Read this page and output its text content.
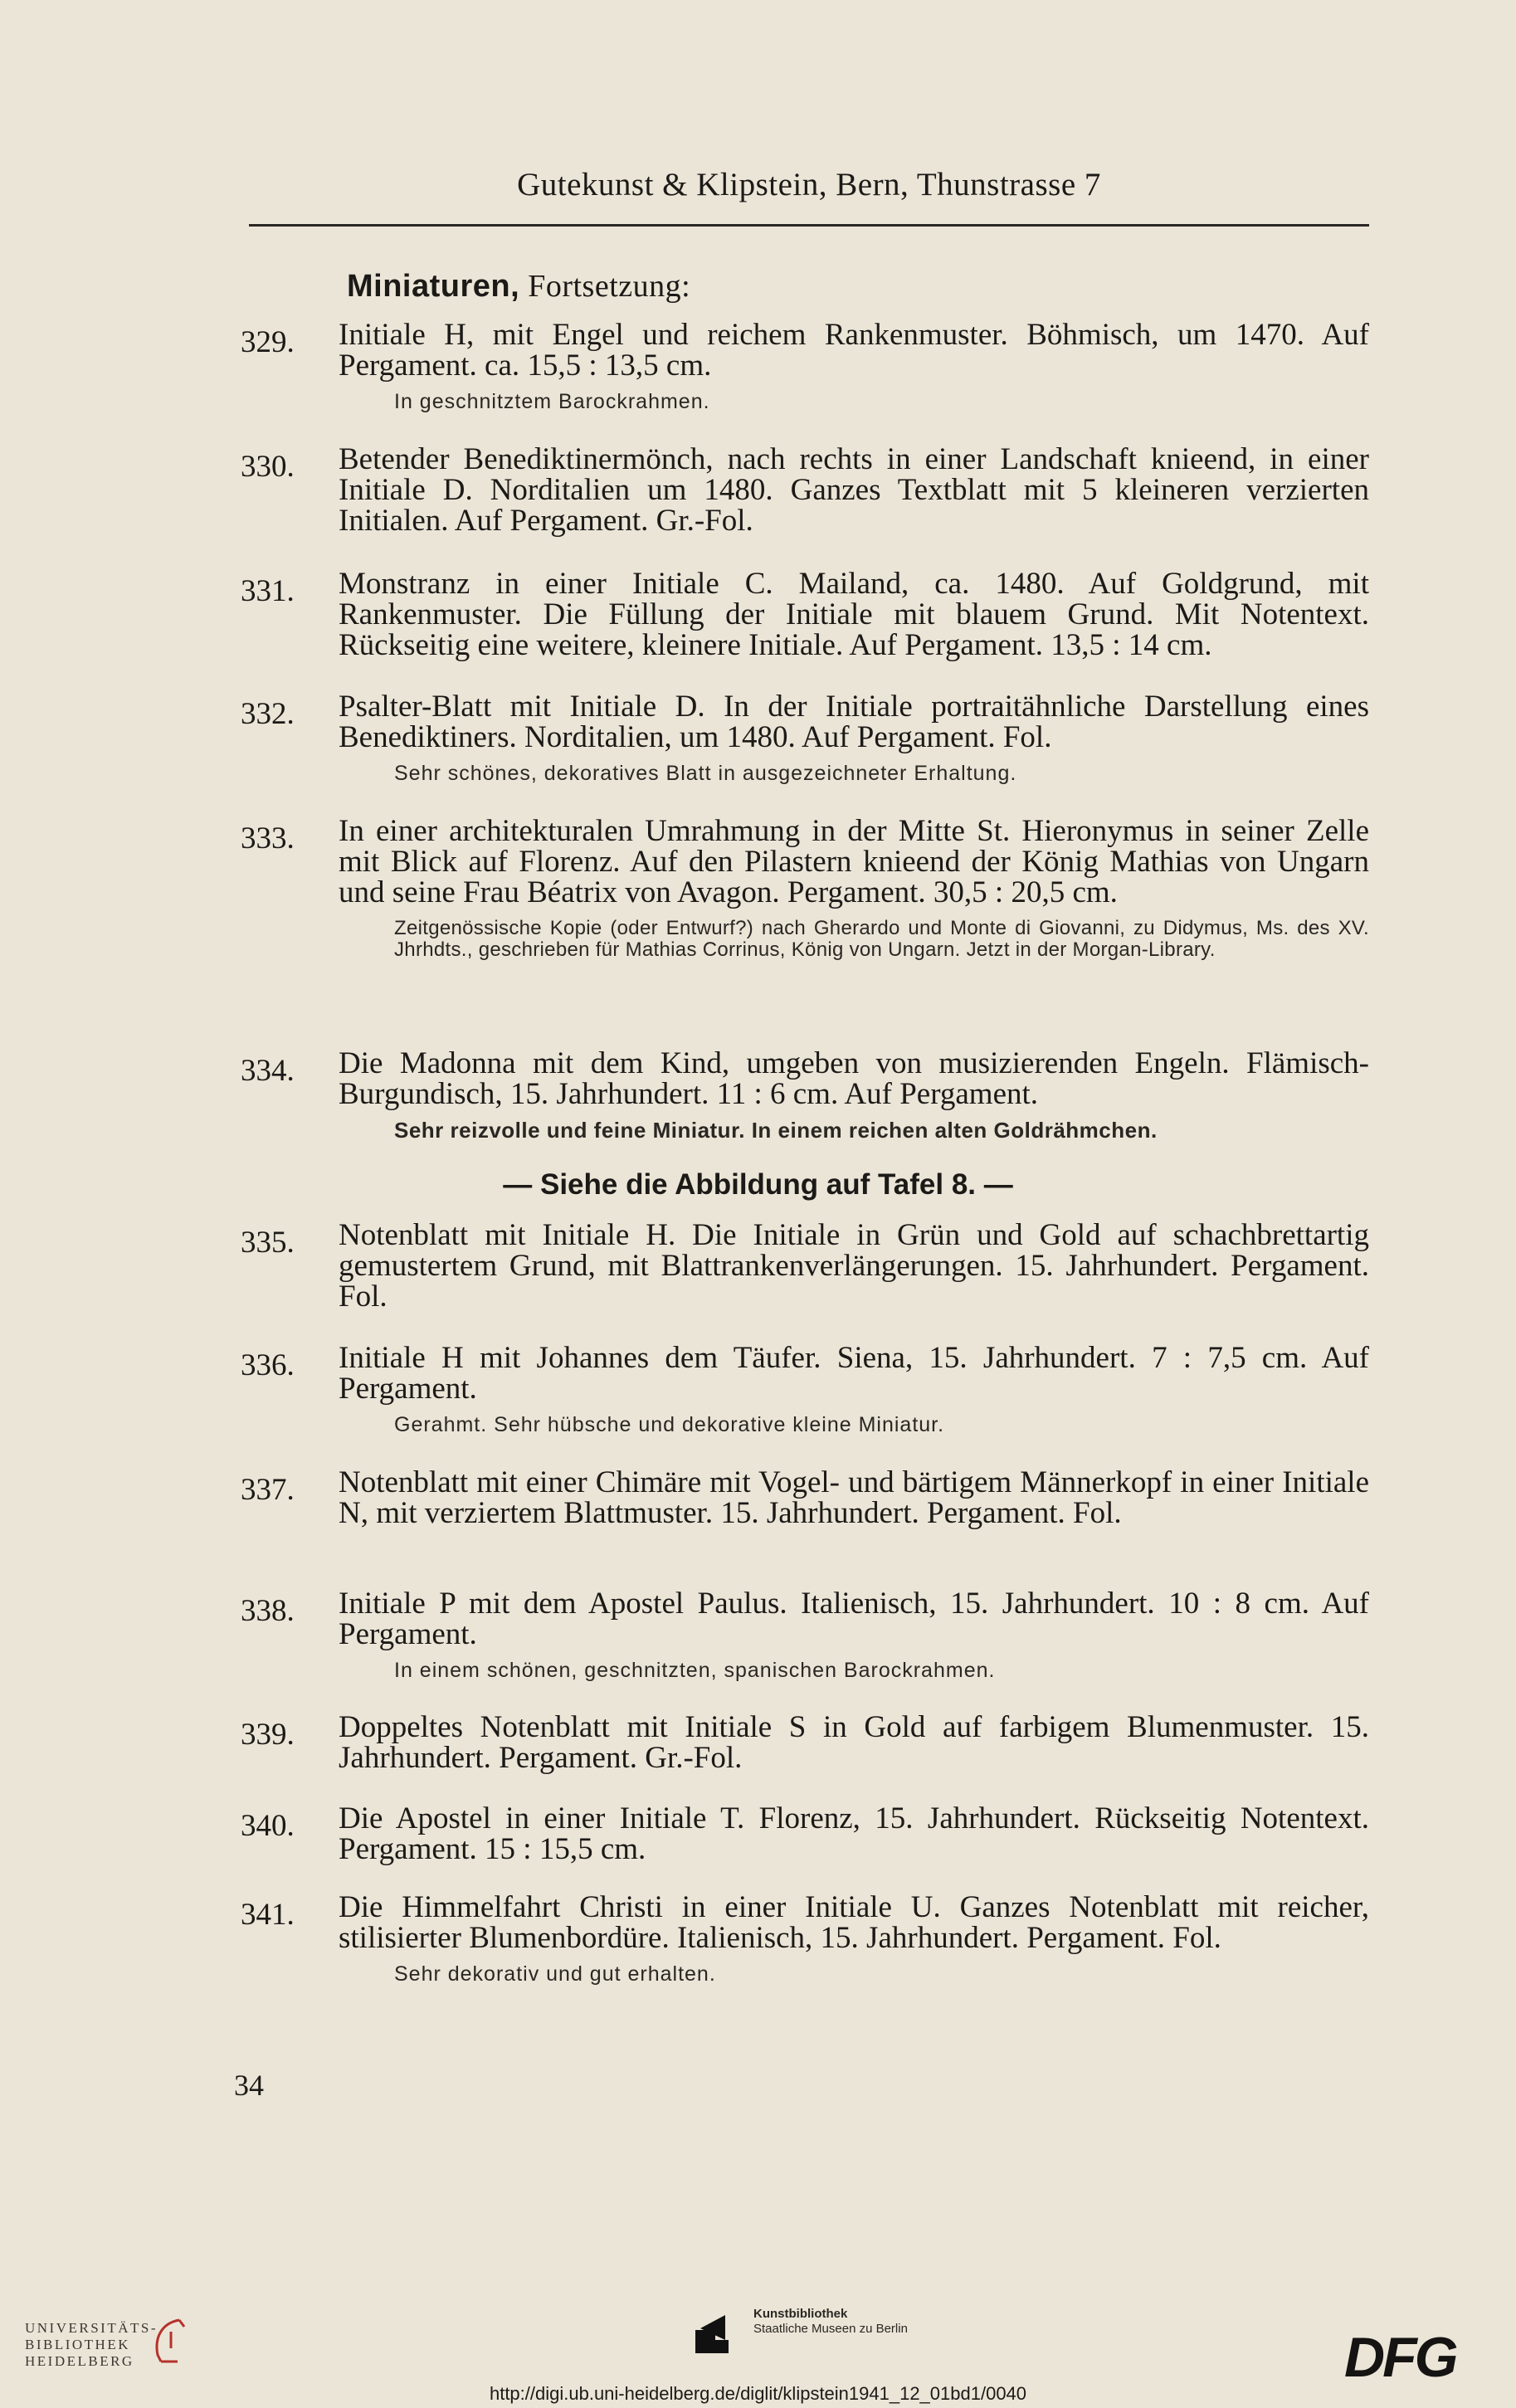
Gutekunst & Klipstein, Bern, Thunstrasse 7
Miniaturen, Fortsetzung:
329.	Initiale H, mit Engel und reichem Rankenmuster. Böhmisch, um 1470. Auf Pergament. ca. 15,5 : 13,5 cm.
In geschnitztem Barockrahmen.
330.	Betender Benediktinermönch, nach rechts in einer Landschaft knieend, in einer Initiale D. Norditalien um 1480. Ganzes Textblatt mit 5 kleineren verzierten Initialen. Auf Pergament. Gr.-Fol.
331.	Monstranz in einer Initiale C. Mailand, ca. 1480. Auf Goldgrund, mit Rankenmuster. Die Füllung der Initiale mit blauem Grund. Mit Notentext. Rückseitig eine weitere, kleinere Initiale. Auf Pergament. 13,5 : 14 cm.
332.	Psalter-Blatt mit Initiale D. In der Initiale portraitähnliche Darstellung eines Benediktiners. Norditalien, um 1480. Auf Pergament. Fol.
Sehr schönes, dekoratives Blatt in ausgezeichneter Erhaltung.
333.	In einer architekturalen Umrahmung in der Mitte St. Hieronymus in seiner Zelle mit Blick auf Florenz. Auf den Pilastern knieend der König Mathias von Ungarn und seine Frau Béatrix von Avagon. Pergament. 30,5 : 20,5 cm.
Zeitgenössische Kopie (oder Entwurf?) nach Gherardo und Monte di Giovanni, zu Didymus, Ms. des XV. Jhrhdts., geschrieben für Mathias Corrinus, König von Ungarn. Jetzt in der Morgan-Library.
334.	Die Madonna mit dem Kind, umgeben von musizierenden Engeln. Flämisch-Burgundisch, 15. Jahrhundert. 11 : 6 cm. Auf Pergament.
Sehr reizvolle und feine Miniatur. In einem reichen alten Goldrähmchen.
— Siehe die Abbildung auf Tafel 8. —
335.	Notenblatt mit Initiale H. Die Initiale in Grün und Gold auf schachbrettartig gemustertem Grund, mit Blattrankenverlängerungen. 15. Jahrhundert. Pergament. Fol.
336.	Initiale H mit Johannes dem Täufer. Siena, 15. Jahrhundert. 7 : 7,5 cm. Auf Pergament.
Gerahmt. Sehr hübsche und dekorative kleine Miniatur.
337.	Notenblatt mit einer Chimäre mit Vogel- und bärtigem Männerkopf in einer Initiale N, mit verziertem Blattmuster. 15. Jahrhundert. Pergament. Fol.
338.	Initiale P mit dem Apostel Paulus. Italienisch, 15. Jahrhundert. 10 : 8 cm. Auf Pergament.
In einem schönen, geschnitzten, spanischen Barockrahmen.
339.	Doppeltes Notenblatt mit Initiale S in Gold auf farbigem Blumenmuster. 15. Jahrhundert. Pergament. Gr.-Fol.
340.	Die Apostel in einer Initiale T. Florenz, 15. Jahrhundert. Rückseitig Notentext. Pergament. 15 : 15,5 cm.
341.	Die Himmelfahrt Christi in einer Initiale U. Ganzes Notenblatt mit reicher, stilisierter Blumenbordüre. Italienisch, 15. Jahrhundert. Pergament. Fol.
Sehr dekorativ und gut erhalten.
34
UNIVERSITÄTS-
BIBLIOTHEK
HEIDELBERG
Kunstbibliothek
Staatliche Museen zu Berlin	DFG
http://digi.ub.uni-heidelberg.de/diglit/klipstein1941_12_01bd1/0040
